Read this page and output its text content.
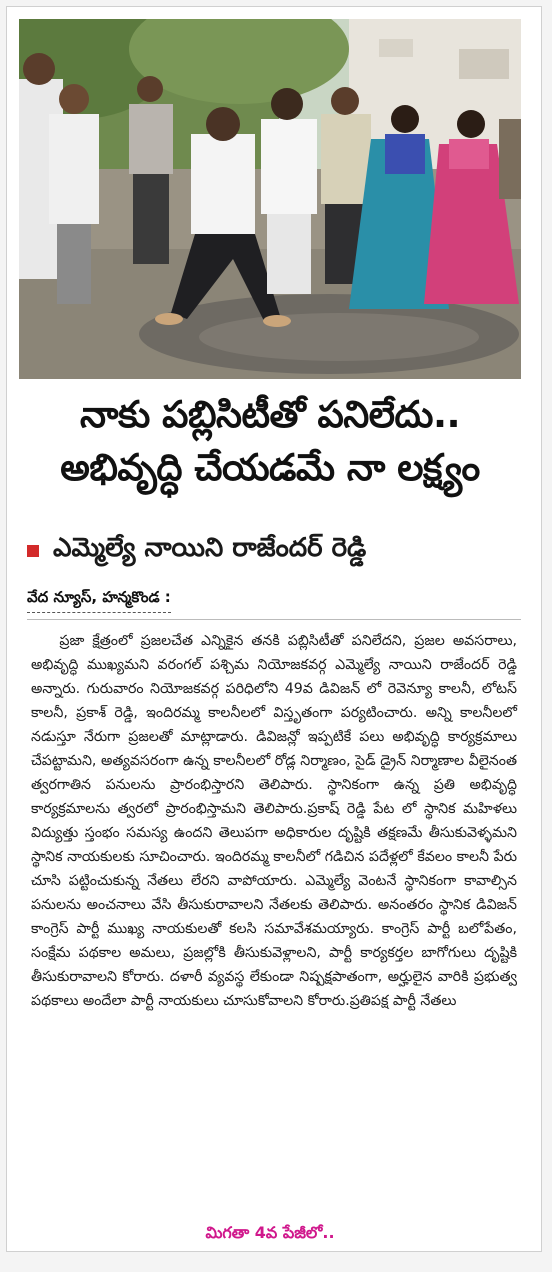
నాకు పబ్లిసిటీతో పనిలేదు..
అభివృద్ధి చేయడమే నా లక్ష్యం
ఎమ్మెల్యే నాయిని రాజేందర్ రెడ్డి
వేద న్యూస్, హన్మకొండ :
ప్రజా క్షేత్రంలో ప్రజలచేత ఎన్నికైన తనకి పబ్లిసిటీతో పనిలేదని, ప్రజల అవసరాలు, అభివృద్ధి ముఖ్యమని వరంగల్ పశ్చిమ నియోజకవర్గ ఎమ్మెల్యే నాయిని రాజేందర్ రెడ్డి అన్నారు. గురువారం నియోజకవర్గ పరిధిలోని 49వ డివిజన్ లో రెవెన్యూ కాలనీ, లోటస్ కాలనీ, ప్రకాశ్ రెడ్డి, ఇందిరమ్మ కాలనీలలో విస్తృతంగా పర్యటించారు. అన్ని కాలనీలలో నడుస్తూ నేరుగా ప్రజలతో మాట్లాడారు. డివిజన్లో ఇప్పటికే పలు అభివృద్ధి కార్యక్రమాలు చేపట్టామని, అత్యవసరంగా ఉన్న కాలనీలలో రోడ్ల నిర్మాణం, సైడ్ డ్రైన్ నిర్మాణాల వీలైనంత త్వరగాతిన పనులను ప్రారంభిస్తారని తెలిపారు. స్థానికంగా ఉన్న ప్రతి అభివృద్ధి కార్యక్రమాలను త్వరలో ప్రారంభిస్తామని తెలిపారు.ప్రకాష్ రెడ్డి పేట లో స్థానిక మహిళలు విద్యుత్తు స్తంభం సమస్య ఉందని తెలుపగా అధికారుల దృష్టికి తక్షణమే తీసుకువెళ్ళమని స్థానిక నాయకులకు సూచించారు. ఇందిరమ్మ కాలనీలో గడిచిన పదేళ్లలో కేవలం కాలనీ పేరు చూసి పట్టించుకున్న నేతలు లేరని వాపోయారు. ఎమ్మెల్యే వెంటనే స్థానికంగా కావాల్సిన పనులను అంచనాలు వేసి తీసుకురావాలని నేతలకు తెలిపారు. అనంతరం స్థానిక డివిజన్ కాంగ్రెస్ పార్టీ ముఖ్య నాయకులతో కలసి సమావేశమయ్యారు. కాంగ్రెస్ పార్టీ బలోపేతం, సంక్షేమ పథకాల అమలు, ప్రజల్లోకి తీసుకువెళ్లాలని, పార్టీ కార్యకర్తల బాగోగులు దృష్టికి తీసుకురావాలని కోరారు. దళారీ వ్యవస్థ లేకుండా నిష్పక్షపాతంగా, అర్హులైన వారికి ప్రభుత్వ పథకాలు అందేలా పార్టీ నాయకులు చూసుకోవాలని కోరారు.ప్రతిపక్ష పార్టీ నేతలు
మిగతా 4వ పేజీలో..
